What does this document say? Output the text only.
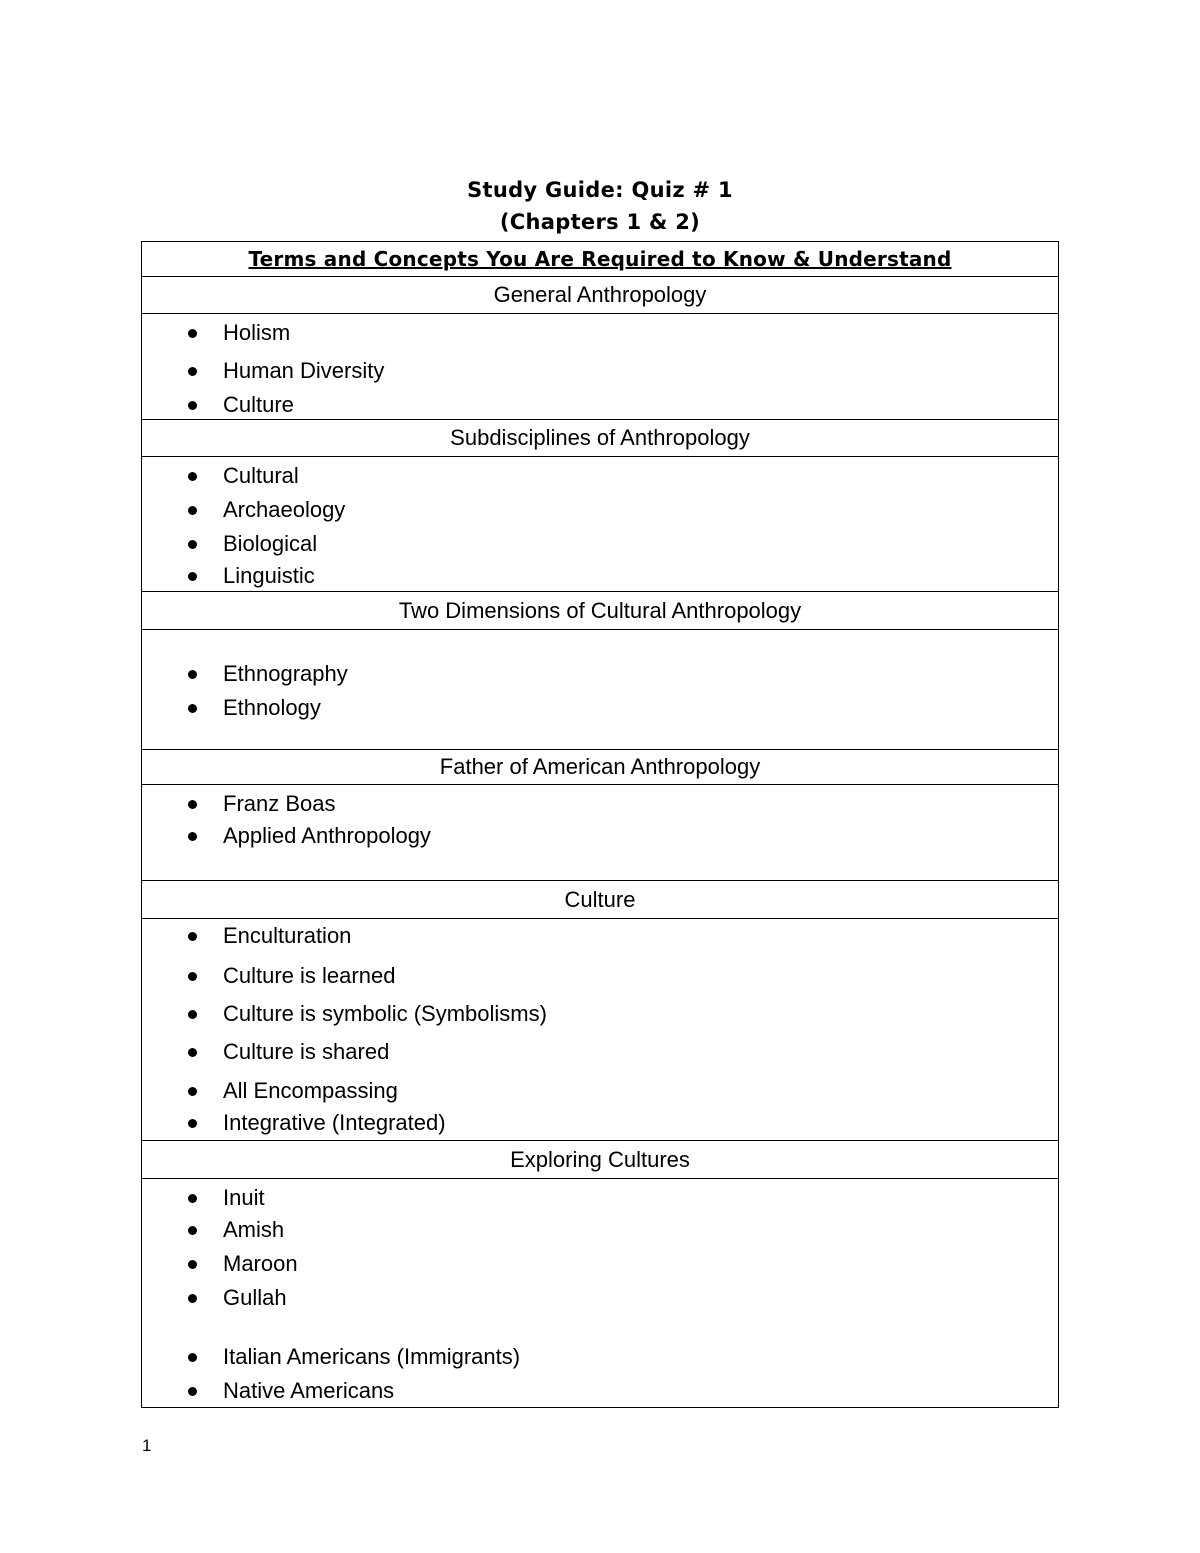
Study Guide: Quiz # 1
(Chapters 1 & 2)
Terms and Concepts You Are Required to Know & Understand
General Anthropology

Holism
Human Diversity
Culture

Subdisciplines of Anthropology

Cultural
Archaeology
Biological
Linguistic

Two Dimensions of Cultural Anthropology

Ethnography
Ethnology

Father of American Anthropology

Franz Boas
Applied Anthropology

Culture

Enculturation
Culture is learned
Culture is symbolic (Symbolisms)
Culture is shared
All Encompassing
Integrative (Integrated)

Exploring Cultures

Inuit
Amish
Maroon
Gullah
Italian Americans (Immigrants)
Native Americans
1
